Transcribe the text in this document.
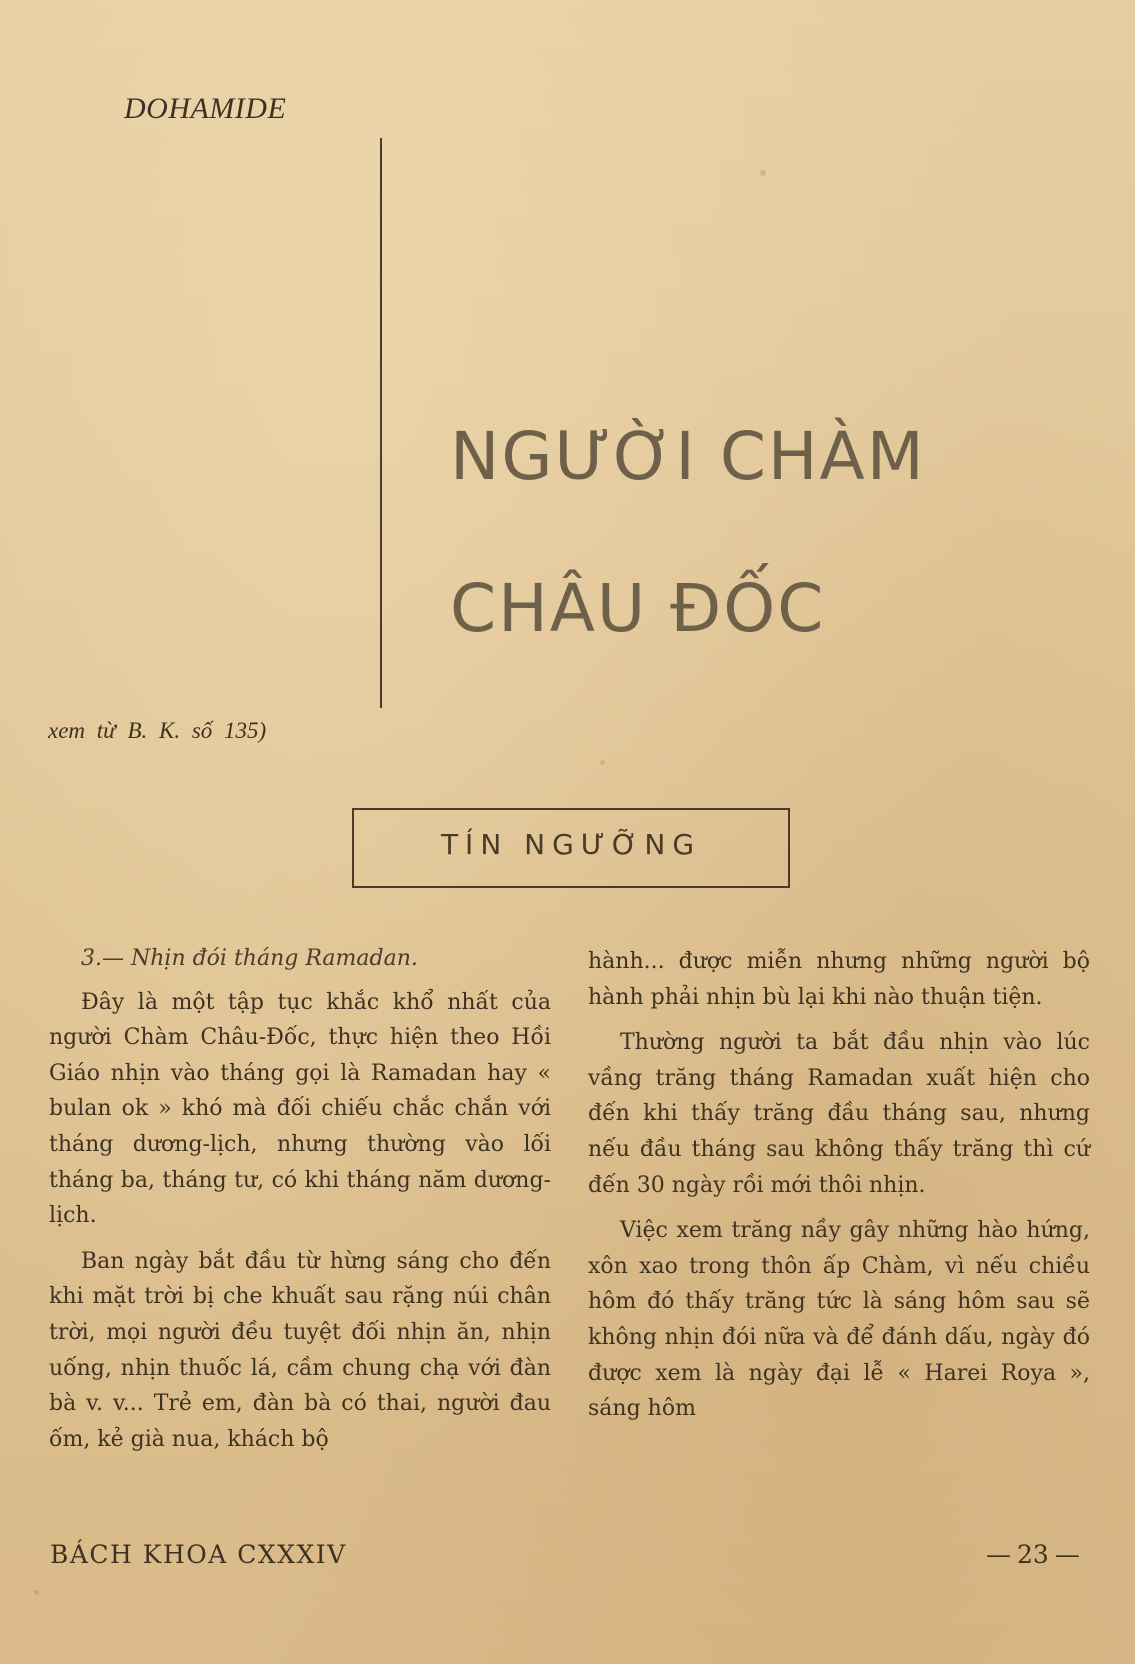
DOHAMIDE
NGƯỜI CHÀM
CHÂU ĐỐC
xem từ B. K. số 135)
TÍN NGƯỠNG
3.— Nhịn đói tháng Ramadan.

Đây là một tập tục khắc khổ nhất của người Chàm Châu-Đốc, thực hiện theo Hồi Giáo nhịn vào tháng gọi là Ramadan hay « bulan ok » khó mà đối chiếu chắc chắn với tháng dương-lịch, nhưng thường vào lối tháng ba, tháng tư, có khi tháng năm dương-lịch.

Ban ngày bắt đầu từ hừng sáng cho đến khi mặt trời bị che khuất sau rặng núi chân trời, mọi người đều tuyệt đối nhịn ăn, nhịn uống, nhịn thuốc lá, cầm chung chạ với đàn bà v. v... Trẻ em, đàn bà có thai, người đau ốm, kẻ già nua, khách bộ

hành... được miễn nhưng những người bộ hành phải nhịn bù lại khi nào thuận tiện.

Thường người ta bắt đầu nhịn vào lúc vầng trăng tháng Ramadan xuất hiện cho đến khi thấy trăng đầu tháng sau, nhưng nếu đầu tháng sau không thấy trăng thì cứ đến 30 ngày rồi mới thôi nhịn.

Việc xem trăng nầy gây những hào hứng, xôn xao trong thôn ấp Chàm, vì nếu chiều hôm đó thấy trăng tức là sáng hôm sau sẽ không nhịn đói nữa và để đánh dấu, ngày đó được xem là ngày đại lễ « Harei Roya », sáng hôm

BÁCH KHOA CXXXIV	— 23 —
